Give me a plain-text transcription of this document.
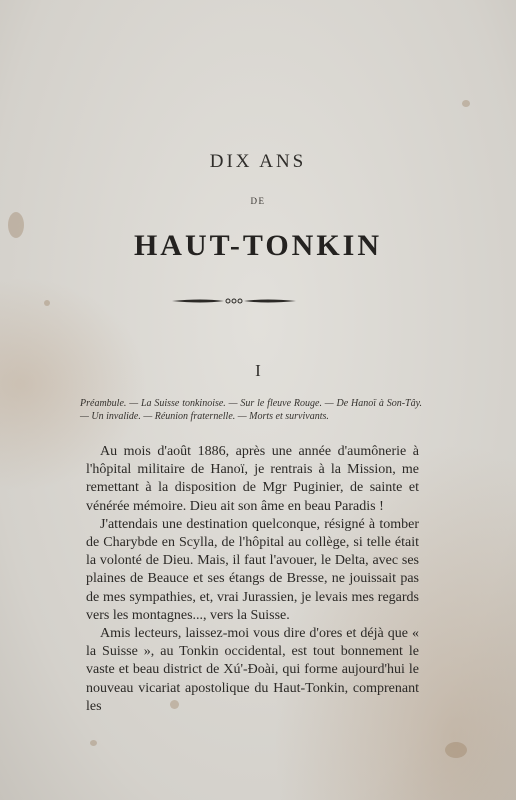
DIX ANS
DE
HAUT-TONKIN
I
Préambule. — La Suisse tonkinoise. — Sur le fleuve Rouge. — De Hanoï à Son-Tây. — Un invalide. — Réunion fraternelle. — Morts et survivants.

Au mois d'août 1886, après une année d'aumônerie à l'hôpital militaire de Hanoï, je rentrais à la Mission, me remettant à la disposition de Mgr Puginier, de sainte et vénérée mémoire. Dieu ait son âme en beau Paradis !

J'attendais une destination quelconque, résigné à tomber de Charybde en Scylla, de l'hôpital au collège, si telle était la volonté de Dieu. Mais, il faut l'avouer, le Delta, avec ses plaines de Beauce et ses étangs de Bresse, ne jouissait pas de mes sympathies, et, vrai Jurassien, je levais mes regards vers les montagnes..., vers la Suisse.

Amis lecteurs, laissez-moi vous dire d'ores et déjà que « la Suisse », au Tonkin occidental, est tout bonnement le vaste et beau district de Xú'-Đoài, qui forme aujourd'hui le nouveau vicariat apostolique du Haut-Tonkin, comprenant les
